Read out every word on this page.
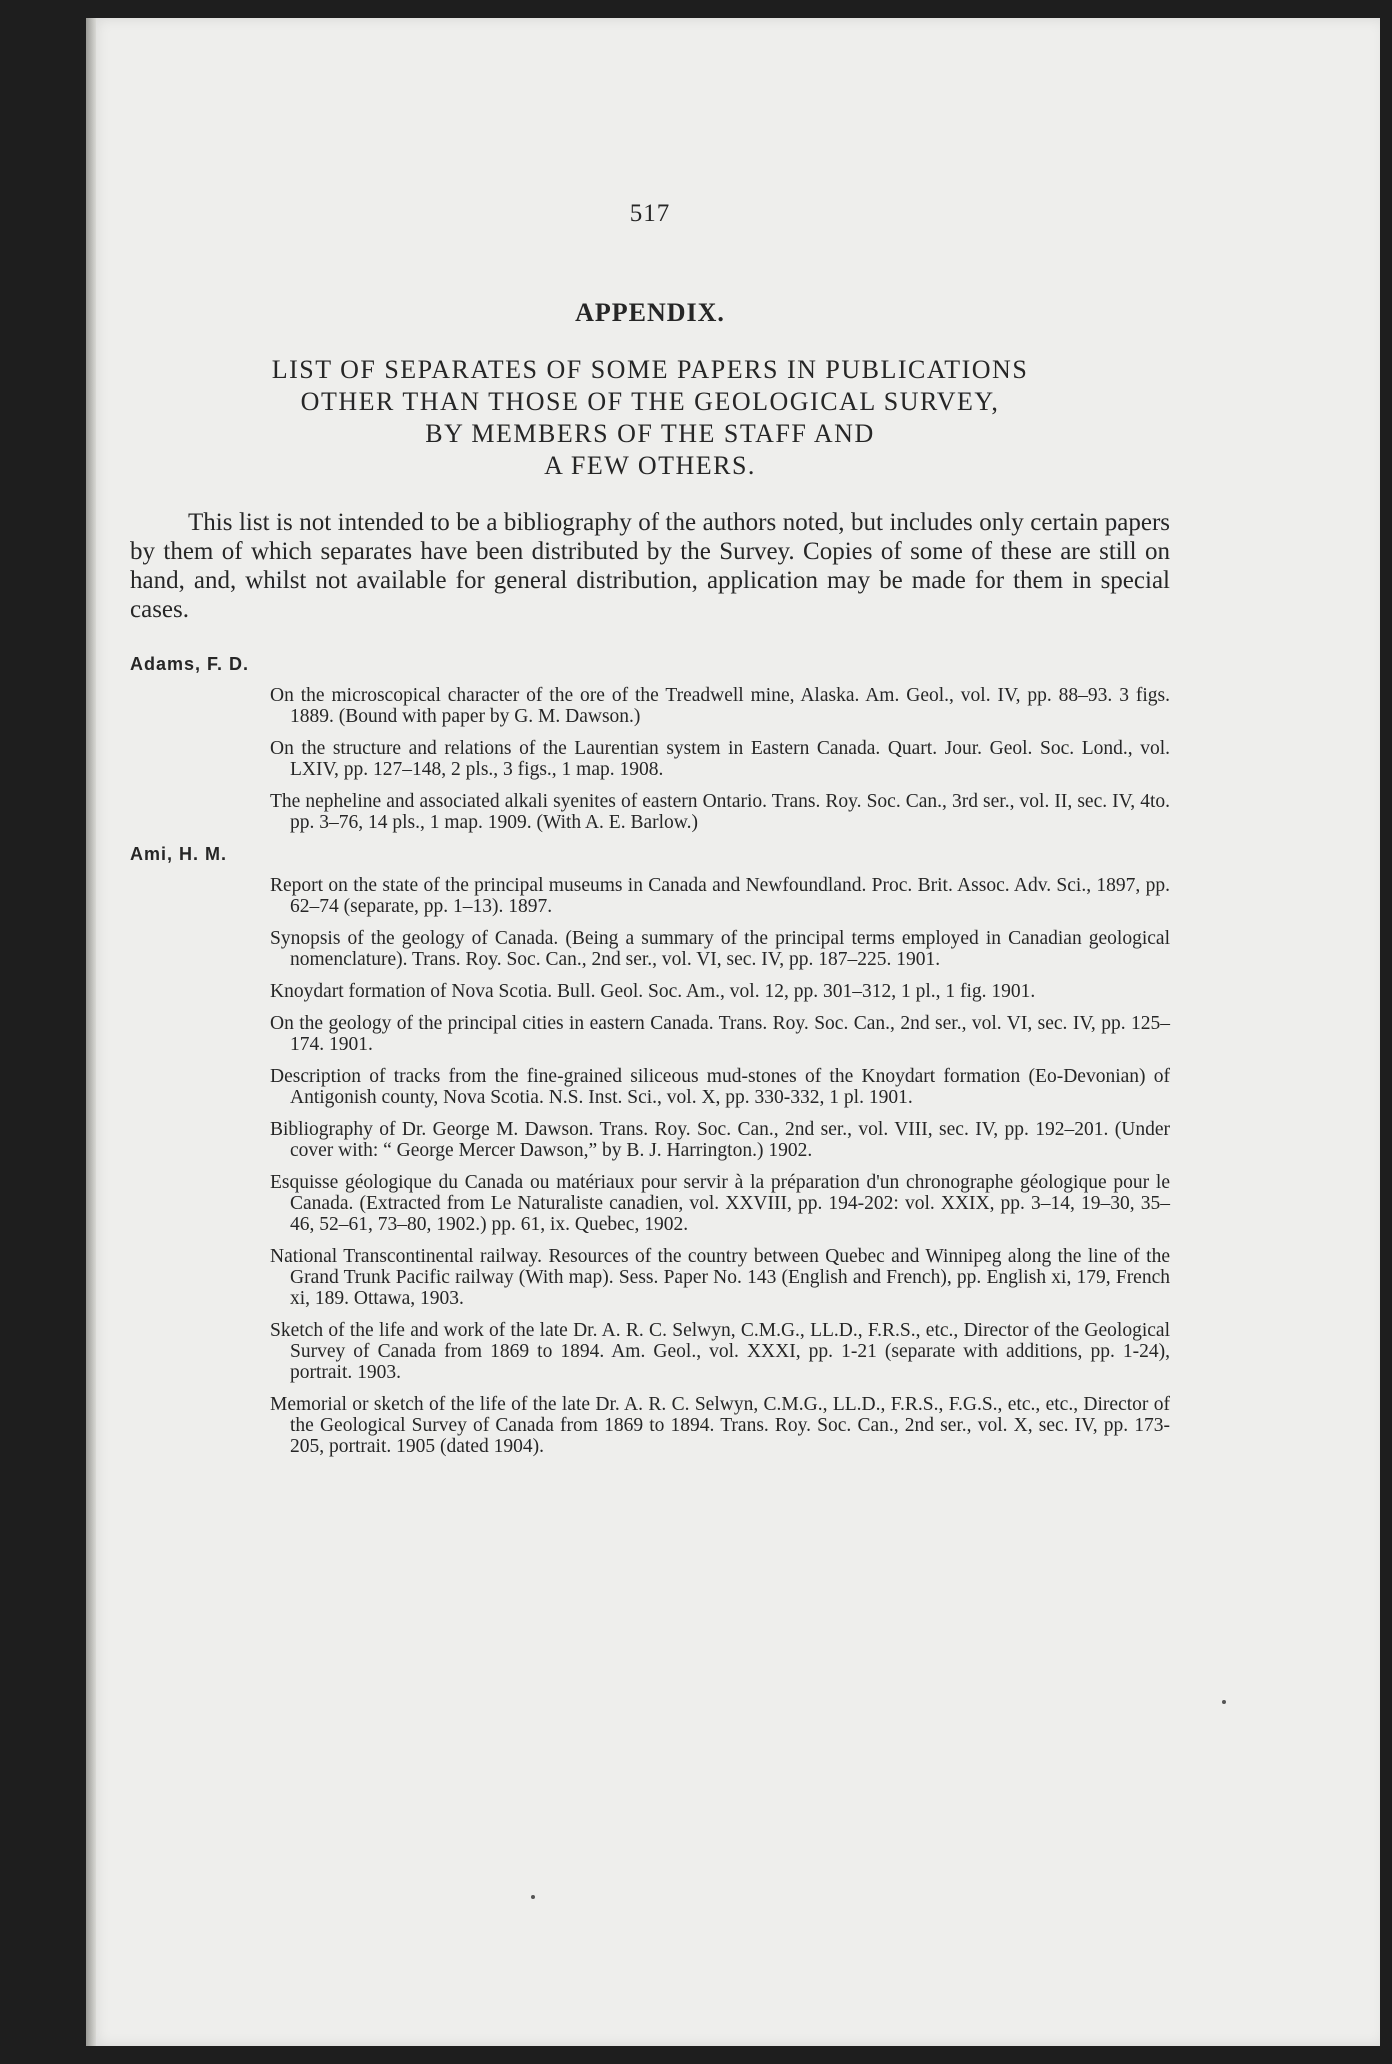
517
APPENDIX.
LIST OF SEPARATES OF SOME PAPERS IN PUBLICATIONS
OTHER THAN THOSE OF THE GEOLOGICAL SURVEY,
BY MEMBERS OF THE STAFF AND
A FEW OTHERS.

This list is not intended to be a bibliography of the authors noted, but includes only certain papers by them of which separates have been distributed by the Survey. Copies of some of these are still on hand, and, whilst not available for general distribution, application may be made for them in special cases.

Adams, F. D.

On the microscopical character of the ore of the Treadwell mine, Alaska. Am. Geol., vol. IV, pp. 88–93. 3 figs. 1889. (Bound with paper by G. M. Dawson.)

On the structure and relations of the Laurentian system in Eastern Canada. Quart. Jour. Geol. Soc. Lond., vol. LXIV, pp. 127–148, 2 pls., 3 figs., 1 map. 1908.

The nepheline and associated alkali syenites of eastern Ontario. Trans. Roy. Soc. Can., 3rd ser., vol. II, sec. IV, 4to. pp. 3–76, 14 pls., 1 map. 1909. (With A. E. Barlow.)

Ami, H. M.

Report on the state of the principal museums in Canada and Newfoundland. Proc. Brit. Assoc. Adv. Sci., 1897, pp. 62–74 (separate, pp. 1–13). 1897.

Synopsis of the geology of Canada. (Being a summary of the principal terms employed in Canadian geological nomenclature). Trans. Roy. Soc. Can., 2nd ser., vol. VI, sec. IV, pp. 187–225. 1901.

Knoydart formation of Nova Scotia. Bull. Geol. Soc. Am., vol. 12, pp. 301–312, 1 pl., 1 fig. 1901.

On the geology of the principal cities in eastern Canada. Trans. Roy. Soc. Can., 2nd ser., vol. VI, sec. IV, pp. 125–174. 1901.

Description of tracks from the fine-grained siliceous mud-stones of the Knoydart formation (Eo-Devonian) of Antigonish county, Nova Scotia. N.S. Inst. Sci., vol. X, pp. 330-332, 1 pl. 1901.

Bibliography of Dr. George M. Dawson. Trans. Roy. Soc. Can., 2nd ser., vol. VIII, sec. IV, pp. 192–201. (Under cover with: “ George Mercer Dawson,” by B. J. Harrington.) 1902.

Esquisse géologique du Canada ou matériaux pour servir à la préparation d'un chronographe géologique pour le Canada. (Extracted from Le Naturaliste canadien, vol. XXVIII, pp. 194-202: vol. XXIX, pp. 3–14, 19–30, 35–46, 52–61, 73–80, 1902.) pp. 61, ix. Quebec, 1902.

National Transcontinental railway. Resources of the country between Quebec and Winnipeg along the line of the Grand Trunk Pacific railway (With map). Sess. Paper No. 143 (English and French), pp. English xi, 179, French xi, 189. Ottawa, 1903.

Sketch of the life and work of the late Dr. A. R. C. Selwyn, C.M.G., LL.D., F.R.S., etc., Director of the Geological Survey of Canada from 1869 to 1894. Am. Geol., vol. XXXI, pp. 1-21 (separate with additions, pp. 1-24), portrait. 1903.

Memorial or sketch of the life of the late Dr. A. R. C. Selwyn, C.M.G., LL.D., F.R.S., F.G.S., etc., etc., Director of the Geological Survey of Canada from 1869 to 1894. Trans. Roy. Soc. Can., 2nd ser., vol. X, sec. IV, pp. 173-205, portrait. 1905 (dated 1904).
